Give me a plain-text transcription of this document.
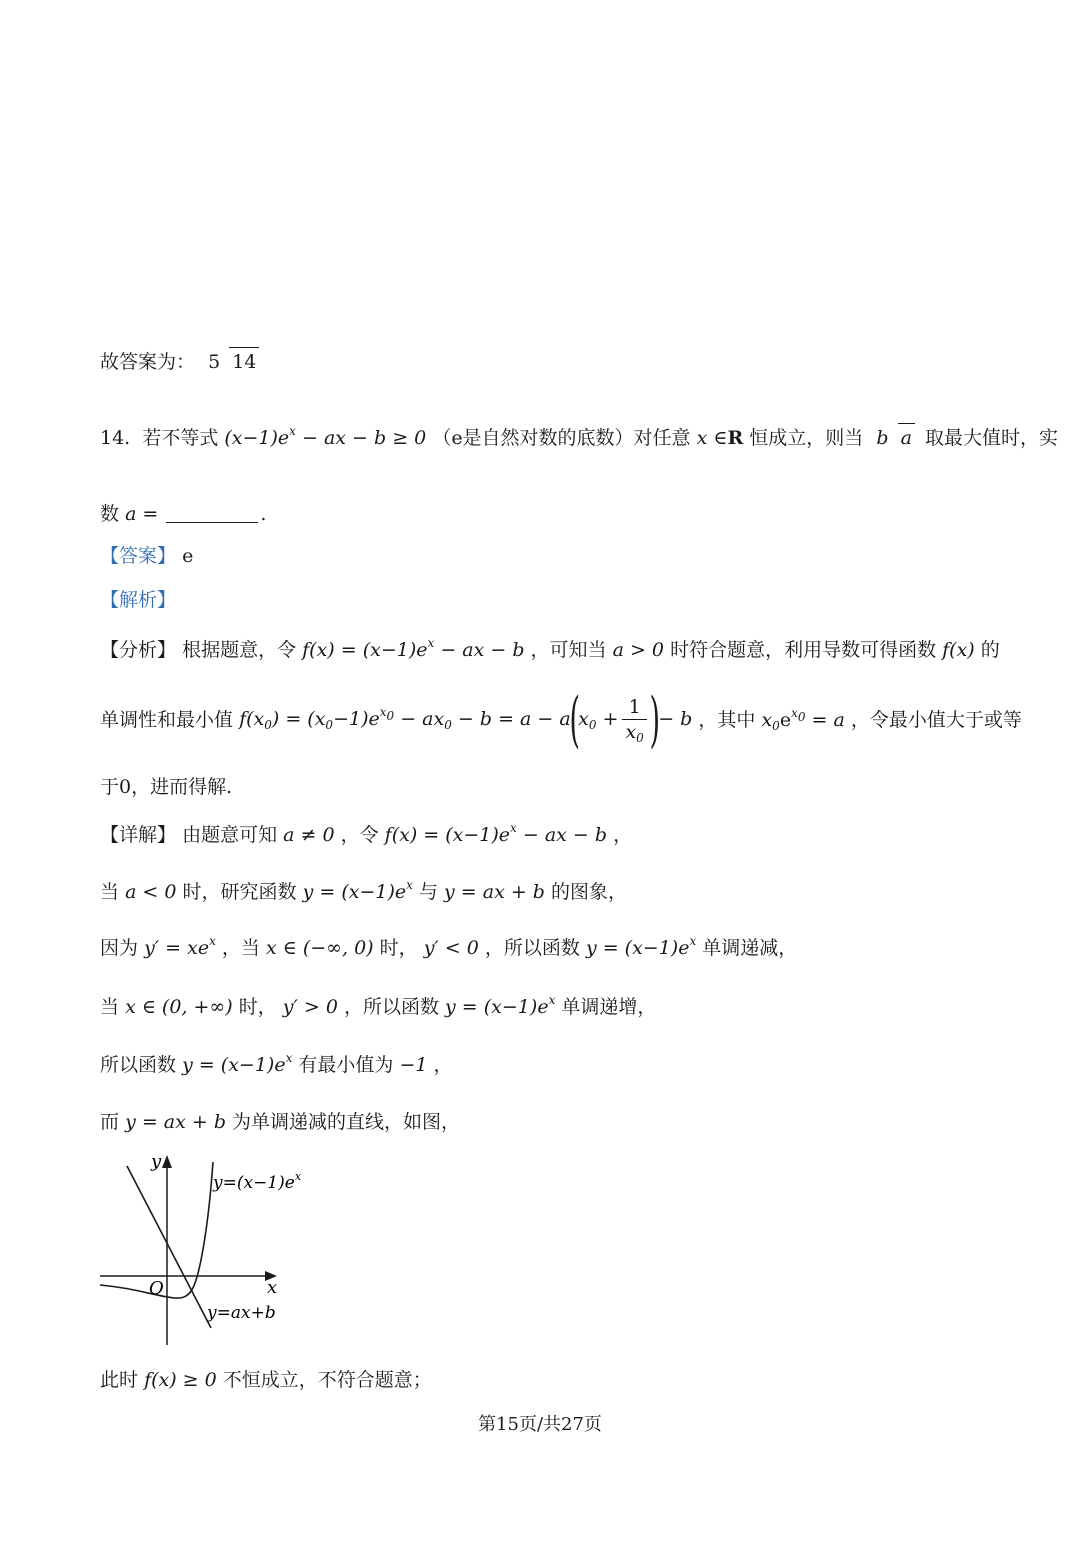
故答案为： 5 14
14. 若不等式 $(x-1)e^x$ − ax − b ≥ 0 （e是自然对数的底数）对任意 x ∈R 恒成立，则当 b a 取最大值时，实
数 a =	.
【答案】 e
【解析】
【分析】 根据题意，令 $f(x) = (x-1)e^x$ − ax − b ，可知当 a > 0 时符合题意，利用导数可得函数 f(x) 的
单调性和最小值 $f(x_0) = (x_0-1)e^{x_0} - ax_0 - b = a - a(x_0 + \frac{1}{x_0}$ )− b ，其中 $x_0e^{x_0} = a$ ，令最小值大于或等
于0，进而得解.
【详解】 由题意可知 a ≠ 0 ，令 $f(x) = (x-1)e^x$ − ax − b ，
当 a < 0 时，研究函数 $y = (x-1)e^x$ 与 y = ax + b 的图象，
因为 $y' = xe^x$ ，当 x ∈ (−∞, 0) 时， y′ < 0 ，所以函数 $y = (x-1)e^x$ 单调递减，
当 x ∈ (0, +∞) 时， y′ > 0 ，所以函数 $y = (x-1)e^x$ 单调递增，
所以函数 $y = (x-1)e^x$ 有最小值为 −1 ，
而 y = ax + b 为单调递减的直线，如图，
y
x
O
$y=(x-1)e^x$
y=ax+b
此时 f(x) ≥ 0 不恒成立，不符合题意；
第15页/共27页
